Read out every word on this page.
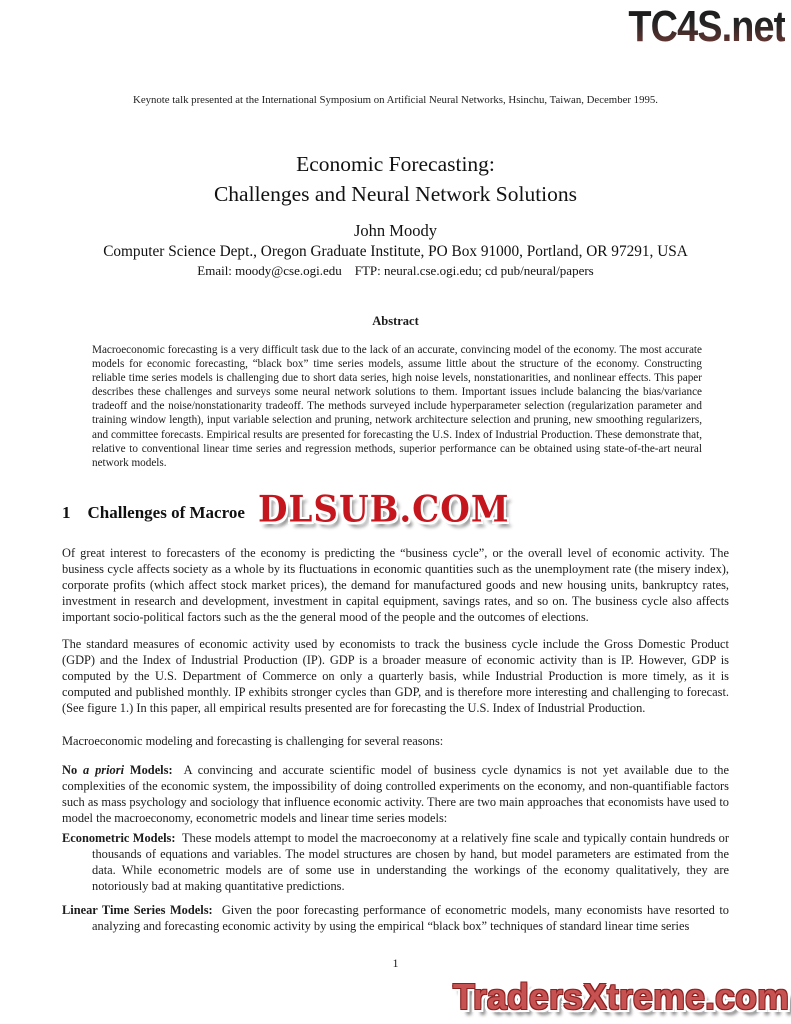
TC4S.net
Keynote talk presented at the International Symposium on Artificial Neural Networks, Hsinchu, Taiwan, December 1995.
Economic Forecasting:
Challenges and Neural Network Solutions
John Moody
Computer Science Dept., Oregon Graduate Institute, PO Box 91000, Portland, OR 97291, USA
Email: moody@cse.ogi.edu    FTP: neural.cse.ogi.edu; cd pub/neural/papers
Abstract
Macroeconomic forecasting is a very difficult task due to the lack of an accurate, convincing model of the economy. The most accurate models for economic forecasting, “black box” time series models, assume little about the structure of the economy. Constructing reliable time series models is challenging due to short data series, high noise levels, nonstationarities, and nonlinear effects. This paper describes these challenges and surveys some neural network solutions to them. Important issues include balancing the bias/variance tradeoff and the noise/nonstationarity tradeoff. The methods surveyed include hyperparameter selection (regularization parameter and training window length), input variable selection and pruning, network architecture selection and pruning, new smoothing regularizers, and committee forecasts. Empirical results are presented for forecasting the U.S. Index of Industrial Production. These demonstrate that, relative to conventional linear time series and regression methods, superior performance can be obtained using state-of-the-art neural network models.
1 Challenges of Macroe DLSUB.COM
Of great interest to forecasters of the economy is predicting the “business cycle”, or the overall level of economic activity. The business cycle affects society as a whole by its fluctuations in economic quantities such as the unemployment rate (the misery index), corporate profits (which affect stock market prices), the demand for manufactured goods and new housing units, bankruptcy rates, investment in research and development, investment in capital equipment, savings rates, and so on. The business cycle also affects important socio-political factors such as the the general mood of the people and the outcomes of elections.
The standard measures of economic activity used by economists to track the business cycle include the Gross Domestic Product (GDP) and the Index of Industrial Production (IP). GDP is a broader measure of economic activity than is IP. However, GDP is computed by the U.S. Department of Commerce on only a quarterly basis, while Industrial Production is more timely, as it is computed and published monthly. IP exhibits stronger cycles than GDP, and is therefore more interesting and challenging to forecast. (See figure 1.) In this paper, all empirical results presented are for forecasting the U.S. Index of Industrial Production.
Macroeconomic modeling and forecasting is challenging for several reasons:
No a priori Models: A convincing and accurate scientific model of business cycle dynamics is not yet available due to the complexities of the economic system, the impossibility of doing controlled experiments on the economy, and non-quantifiable factors such as mass psychology and sociology that influence economic activity. There are two main approaches that economists have used to model the macroeconomy, econometric models and linear time series models:
Econometric Models: These models attempt to model the macroeconomy at a relatively fine scale and typically contain hundreds or thousands of equations and variables. The model structures are chosen by hand, but model parameters are estimated from the data. While econometric models are of some use in understanding the workings of the economy qualitatively, they are notoriously bad at making quantitative predictions.
Linear Time Series Models: Given the poor forecasting performance of econometric models, many economists have resorted to analyzing and forecasting economic activity by using the empirical “black box” techniques of standard linear time series
1
TradersXtreme.com
